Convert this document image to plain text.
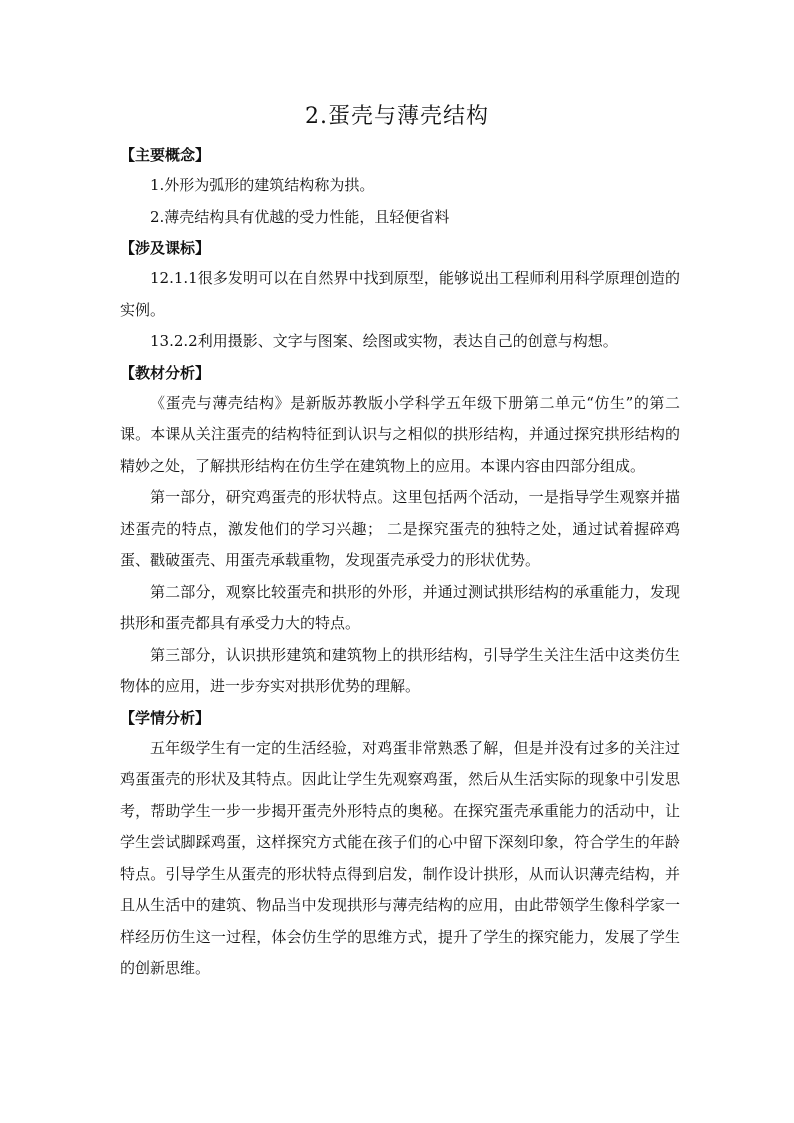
2.蛋壳与薄壳结构
【主要概念】

1.外形为弧形的建筑结构称为拱。

2.薄壳结构具有优越的受力性能，且轻便省料

【涉及课标】

12.1.1很多发明可以在自然界中找到原型，能够说出工程师利用科学原理创造的实例。

13.2.2利用摄影、文字与图案、绘图或实物，表达自己的创意与构想。

【教材分析】

《蛋壳与薄壳结构》是新版苏教版小学科学五年级下册第二单元“仿生”的第二课。本课从关注蛋壳的结构特征到认识与之相似的拱形结构，并通过探究拱形结构的精妙之处，了解拱形结构在仿生学在建筑物上的应用。本课内容由四部分组成。

第一部分，研究鸡蛋壳的形状特点。这里包括两个活动，一是指导学生观察并描述蛋壳的特点，激发他们的学习兴趣； 二是探究蛋壳的独特之处，通过试着握碎鸡蛋、戳破蛋壳、用蛋壳承载重物，发现蛋壳承受力的形状优势。

第二部分，观察比较蛋壳和拱形的外形，并通过测试拱形结构的承重能力，发现拱形和蛋壳都具有承受力大的特点。

第三部分，认识拱形建筑和建筑物上的拱形结构，引导学生关注生活中这类仿生物体的应用，进一步夯实对拱形优势的理解。

【学情分析】

五年级学生有一定的生活经验，对鸡蛋非常熟悉了解，但是并没有过多的关注过鸡蛋蛋壳的形状及其特点。因此让学生先观察鸡蛋，然后从生活实际的现象中引发思考，帮助学生一步一步揭开蛋壳外形特点的奥秘。在探究蛋壳承重能力的活动中，让学生尝试脚踩鸡蛋，这样探究方式能在孩子们的心中留下深刻印象，符合学生的年龄特点。引导学生从蛋壳的形状特点得到启发，制作设计拱形，从而认识薄壳结构，并且从生活中的建筑、物品当中发现拱形与薄壳结构的应用，由此带领学生像科学家一样经历仿生这一过程，体会仿生学的思维方式，提升了学生的探究能力，发展了学生的创新思维。
